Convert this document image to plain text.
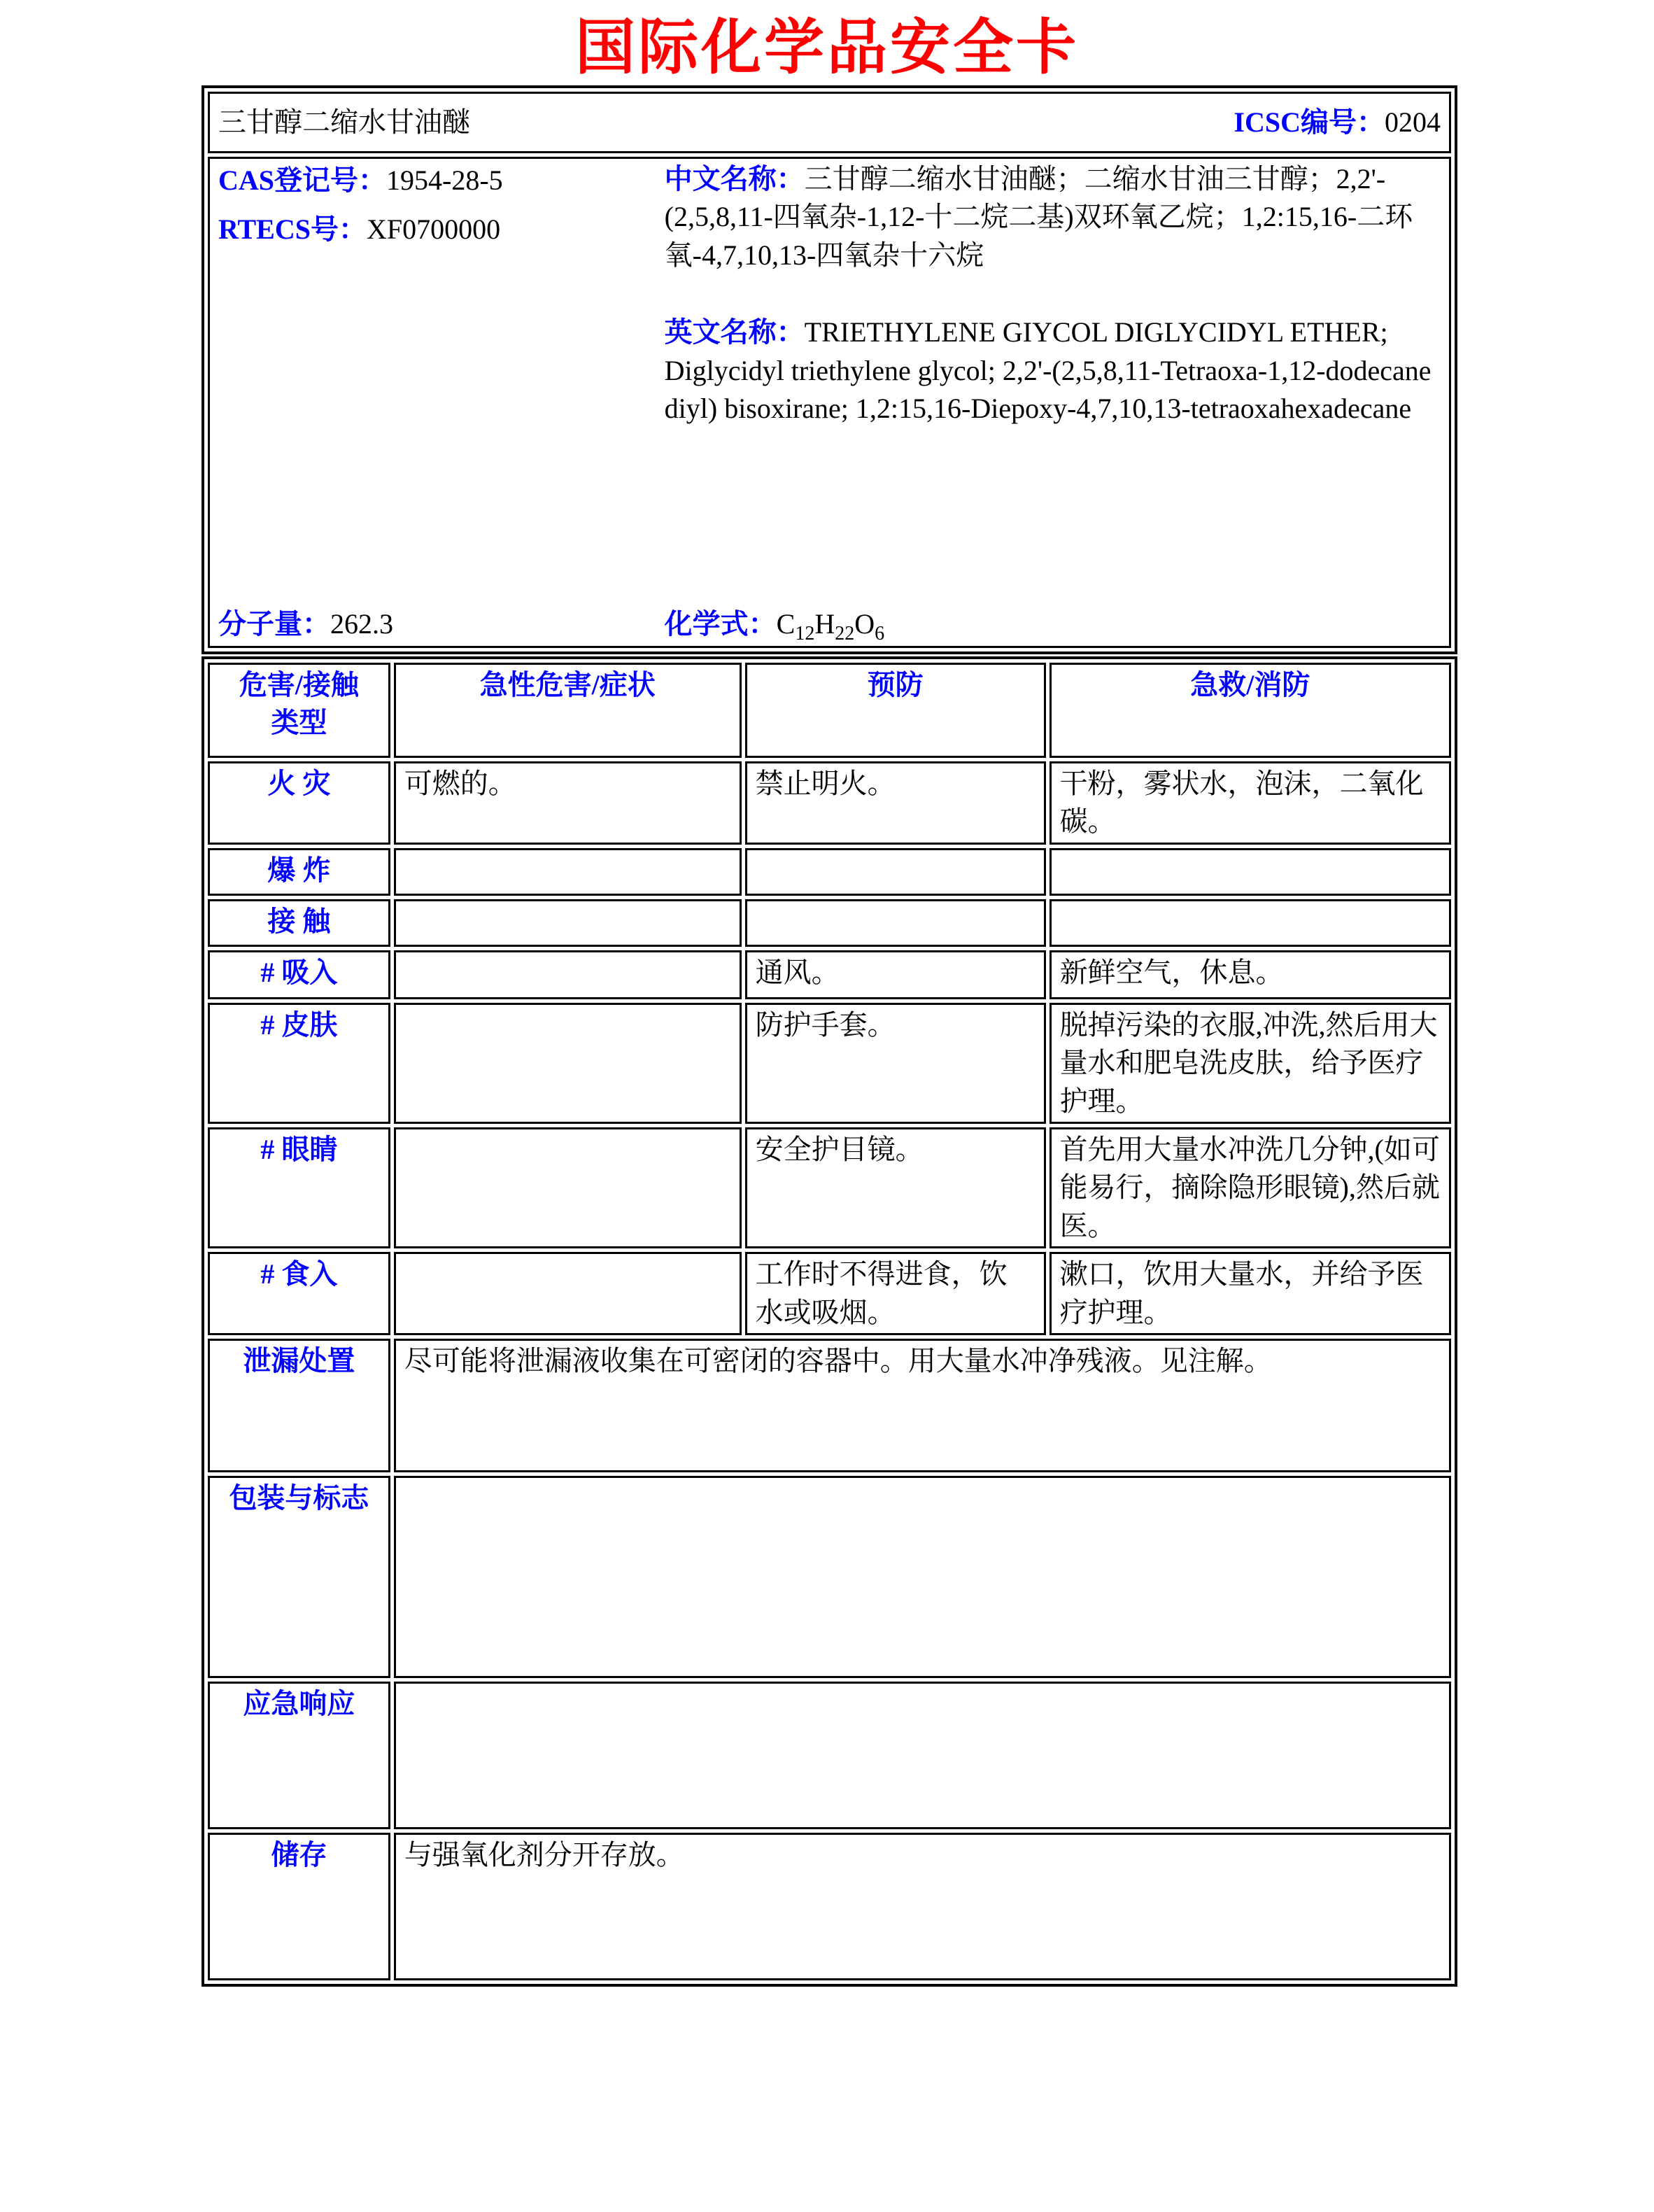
国际化学品安全卡
三甘醇二缩水甘油醚	ICSC编号：0204

CAS登记号：1954-28-5
RTECS号：XF0700000
分子量：262.3
中文名称：三甘醇二缩水甘油醚；二缩水甘油三甘醇；2,2'-(2,5,8,11-四氧杂-1,12-十二烷二基)双环氧乙烷；1,2:15,16-二环氧-4,7,10,13-四氧杂十六烷
英文名称：TRIETHYLENE GIYCOL DIGLYCIDYL ETHER; Diglycidyl triethylene glycol; 2,2'-(2,5,8,11-Tetraoxa-1,12-dodecane diyl) bisoxirane; 1,2:15,16-Diepoxy-4,7,10,13-tetraoxahexadecane
化学式：$C_{12}H_{22}O_6$
危害/接触
类型	急性危害/症状	预防	急救/消防
火 灾	可燃的。	禁止明火。	干粉，雾状水，泡沫，二氧化碳。
爆 炸			
接 触			
# 吸入		通风。	新鲜空气，休息。
# 皮肤		防护手套。	脱掉污染的衣服,冲洗,然后用大量水和肥皂洗皮肤，给予医疗护理。
# 眼睛		安全护目镜。	首先用大量水冲洗几分钟,(如可能易行，摘除隐形眼镜),然后就医。
# 食入		工作时不得进食，饮水或吸烟。	漱口，饮用大量水，并给予医疗护理。
泄漏处置	尽可能将泄漏液收集在可密闭的容器中。用大量水冲净残液。见注解。		
包装与标志			
应急响应			
储存	与强氧化剂分开存放。		
